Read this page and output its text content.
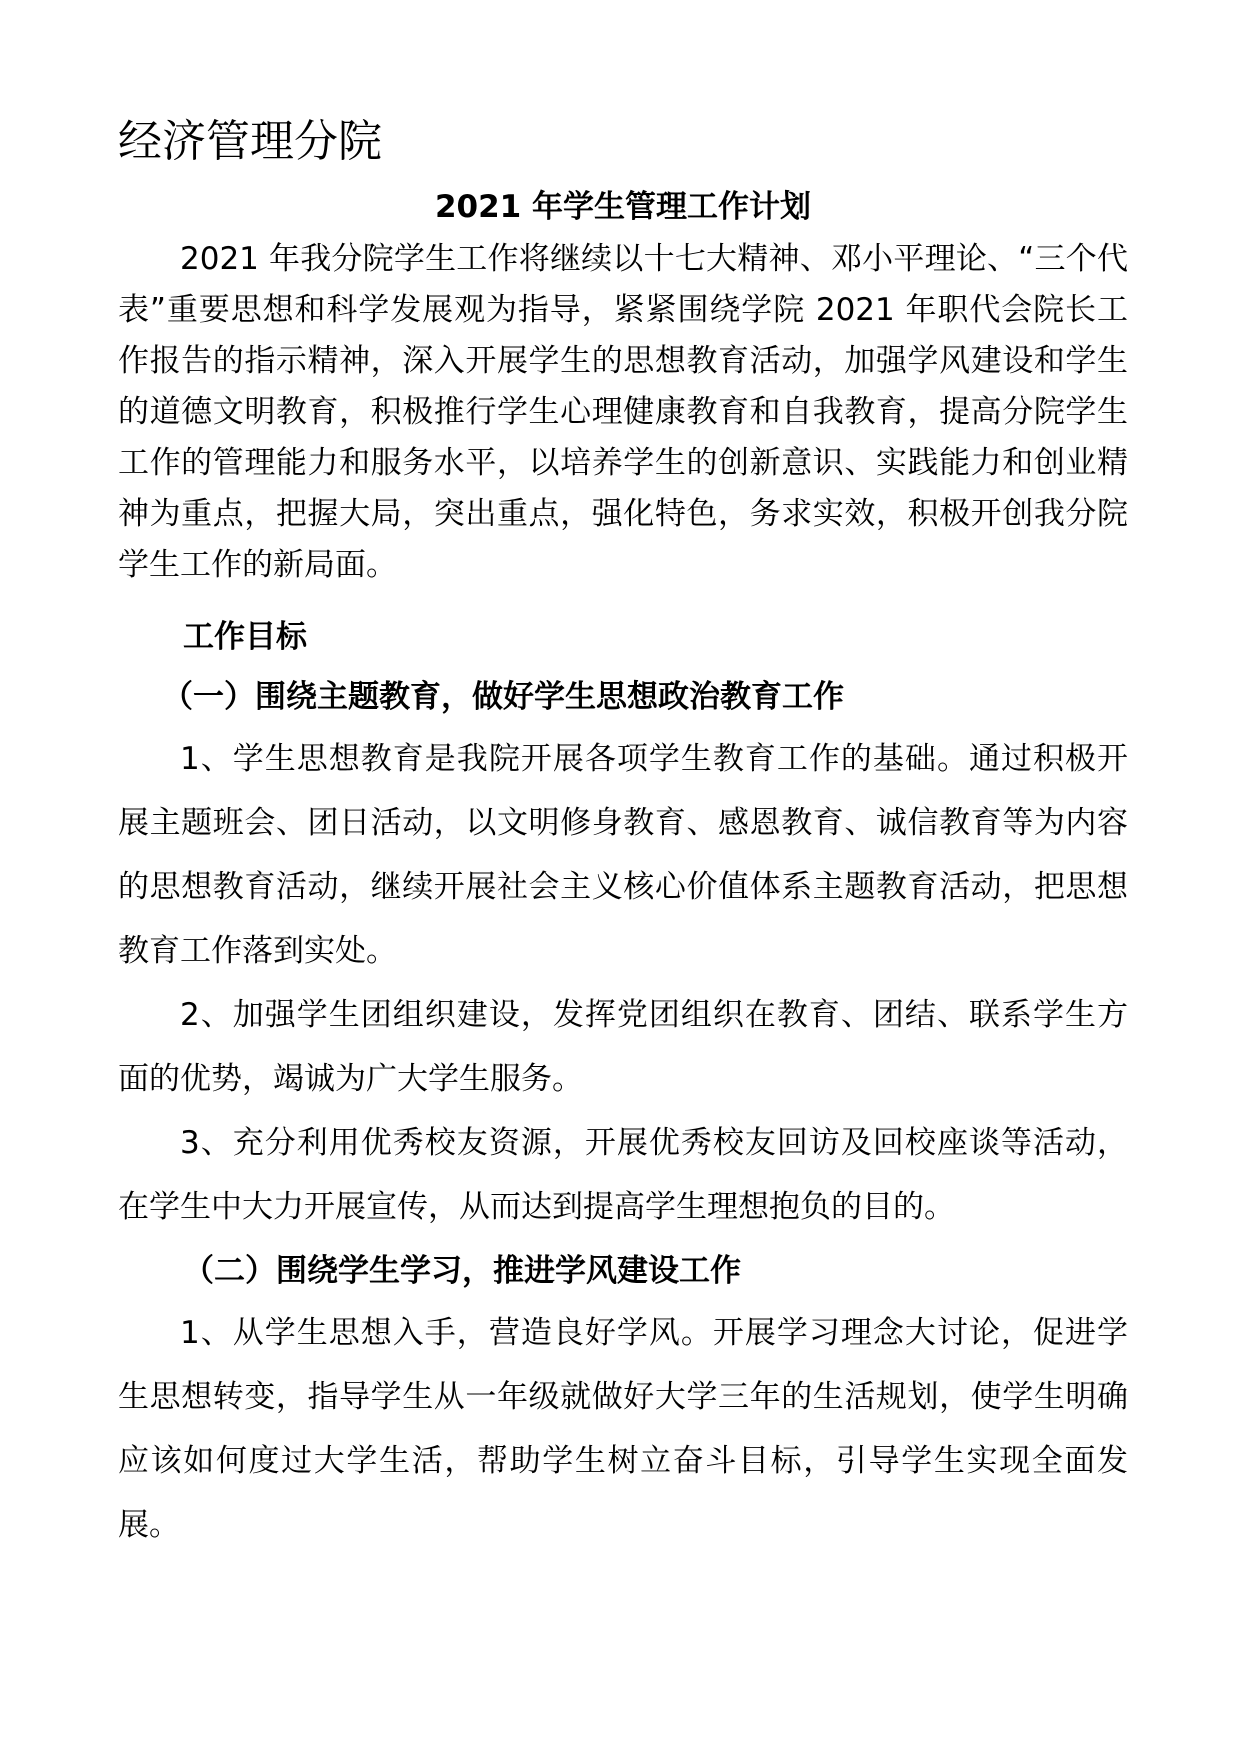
经济管理分院
2021 年学生管理工作计划

2021 年我分院学生工作将继续以十七大精神、邓小平理论、“三个代表”重要思想和科学发展观为指导，紧紧围绕学院 2021 年职代会院长工作报告的指示精神，深入开展学生的思想教育活动，加强学风建设和学生的道德文明教育，积极推行学生心理健康教育和自我教育，提高分院学生工作的管理能力和服务水平，以培养学生的创新意识、实践能力和创业精神为重点，把握大局，突出重点，强化特色，务求实效，积极开创我分院学生工作的新局面。

工作目标
（一）围绕主题教育，做好学生思想政治教育工作

1、学生思想教育是我院开展各项学生教育工作的基础。通过积极开展主题班会、团日活动，以文明修身教育、感恩教育、诚信教育等为内容的思想教育活动，继续开展社会主义核心价值体系主题教育活动，把思想教育工作落到实处。

2、加强学生团组织建设，发挥党团组织在教育、团结、联系学生方面的优势，竭诚为广大学生服务。

3、充分利用优秀校友资源，开展优秀校友回访及回校座谈等活动，在学生中大力开展宣传，从而达到提高学生理想抱负的目的。

（二）围绕学生学习，推进学风建设工作

1、从学生思想入手，营造良好学风。开展学习理念大讨论，促进学生思想转变，指导学生从一年级就做好大学三年的生活规划，使学生明确应该如何度过大学生活，帮助学生树立奋斗目标，引导学生实现全面发展。
